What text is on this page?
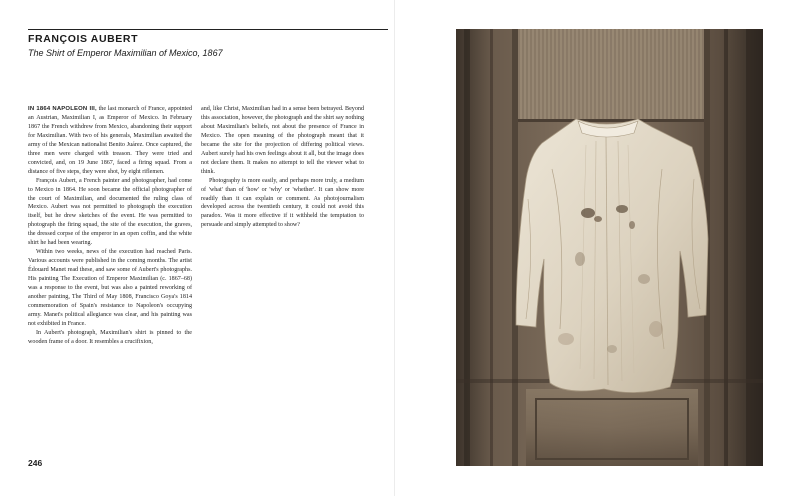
FRANÇOIS AUBERT
The Shirt of Emperor Maximilian of Mexico, 1867

IN 1864 NAPOLEON III, the last monarch of France, appointed an Austrian, Maximilian I, as Emperor of Mexico. In February 1867 the French withdrew from Mexico, abandoning their support for Maximilian. With two of his generals, Maximilian awaited the army of the Mexican nationalist Benito Juárez. Once captured, the three men were charged with treason. They were tried and convicted, and, on 19 June 1867, faced a firing squad. From a distance of five steps, they were shot, by eight riflemen.

François Aubert, a French painter and photographer, had come to Mexico in 1864. He soon became the official photographer of the court of Maximilian, and documented the ruling class of Mexico. Aubert was not permitted to photograph the execution itself, but he drew sketches of the event. He was permitted to photograph the firing squad, the site of the execution, the graves, the dressed corpse of the emperor in an open coffin, and the white shirt he had been wearing.

Within two weeks, news of the execution had reached Paris. Various accounts were published in the coming months. The artist Édouard Manet read these, and saw some of Aubert's photographs. His painting The Execution of Emperor Maximilian (c. 1867–68) was a response to the event, but was also a painted reworking of another painting, The Third of May 1808, Francisco Goya's 1814 commemoration of Spain's resistance to Napoleon's occupying army. Manet's political allegiance was clear, and his painting was not exhibited in France.

In Aubert's photograph, Maximilian's shirt is pinned to the wooden frame of a door. It resembles a crucifixion,

and, like Christ, Maximilian had in a sense been betrayed. Beyond this association, however, the photograph and the shirt say nothing about Maximilian's beliefs, not about the presence of France in Mexico. The open meaning of the photograph meant that it became the site for the projection of differing political views. Aubert surely had his own feelings about it all, but the image does not declare them. It makes no attempt to tell the viewer what to think.

Photography is more easily, and perhaps more truly, a medium of 'what' than of 'how' or 'why' or 'whether'. It can show more readily than it can explain or comment. As photojournalism developed across the twentieth century, it could not avoid this paradox. Was it more effective if it withheld the temptation to persuade and simply attempted to show?

246
